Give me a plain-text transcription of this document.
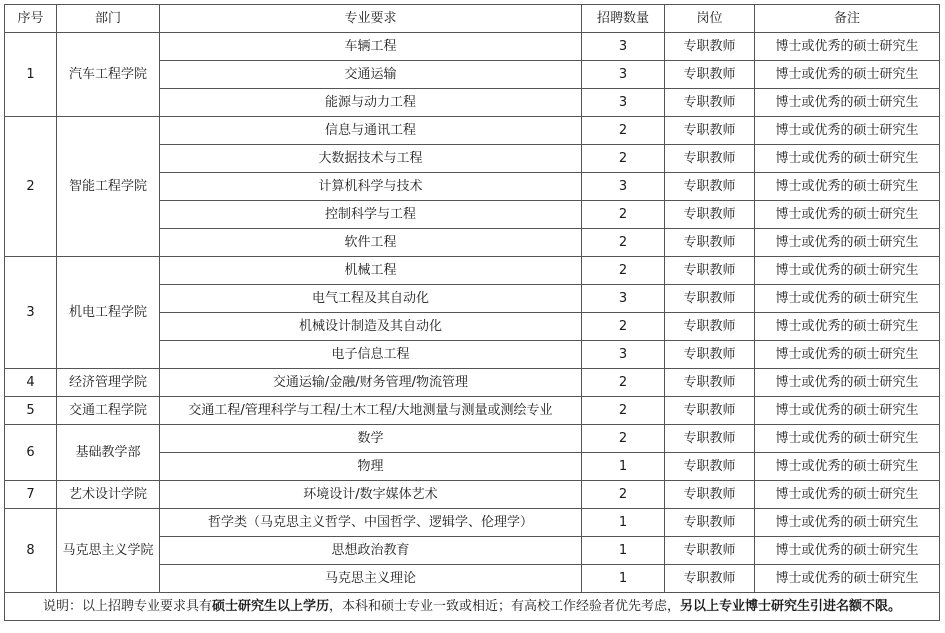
序号	部门	专业要求	招聘数量	岗位	备注
1	汽车工程学院	车辆工程	3	专职教师	博士或优秀的硕士研究生
		交通运输	3	专职教师	博士或优秀的硕士研究生
		能源与动力工程	3	专职教师	博士或优秀的硕士研究生
2	智能工程学院	信息与通讯工程	2	专职教师	博士或优秀的硕士研究生
		大数据技术与工程	2	专职教师	博士或优秀的硕士研究生
		计算机科学与技术	3	专职教师	博士或优秀的硕士研究生
		控制科学与工程	2	专职教师	博士或优秀的硕士研究生
		软件工程	2	专职教师	博士或优秀的硕士研究生
3	机电工程学院	机械工程	2	专职教师	博士或优秀的硕士研究生
		电气工程及其自动化	3	专职教师	博士或优秀的硕士研究生
		机械设计制造及其自动化	2	专职教师	博士或优秀的硕士研究生
		电子信息工程	3	专职教师	博士或优秀的硕士研究生
4	经济管理学院	交通运输/金融/财务管理/物流管理	2	专职教师	博士或优秀的硕士研究生
5	交通工程学院	交通工程/管理科学与工程/土木工程/大地测量与测量或测绘专业	2	专职教师	博士或优秀的硕士研究生
6	基础教学部	数学	2	专职教师	博士或优秀的硕士研究生
		物理	1	专职教师	博士或优秀的硕士研究生
7	艺术设计学院	环境设计/数字媒体艺术	2	专职教师	博士或优秀的硕士研究生
8	马克思主义学院	哲学类（马克思主义哲学、中国哲学、逻辑学、伦理学）	1	专职教师	博士或优秀的硕士研究生
		思想政治教育	1	专职教师	博士或优秀的硕士研究生
		马克思主义理论	1	专职教师	博士或优秀的硕士研究生
说明：以上招聘专业要求具有硕士研究生以上学历，本科和硕士专业一致或相近；有高校工作经验者优先考虑，另以上专业博士研究生引进名额不限。					
